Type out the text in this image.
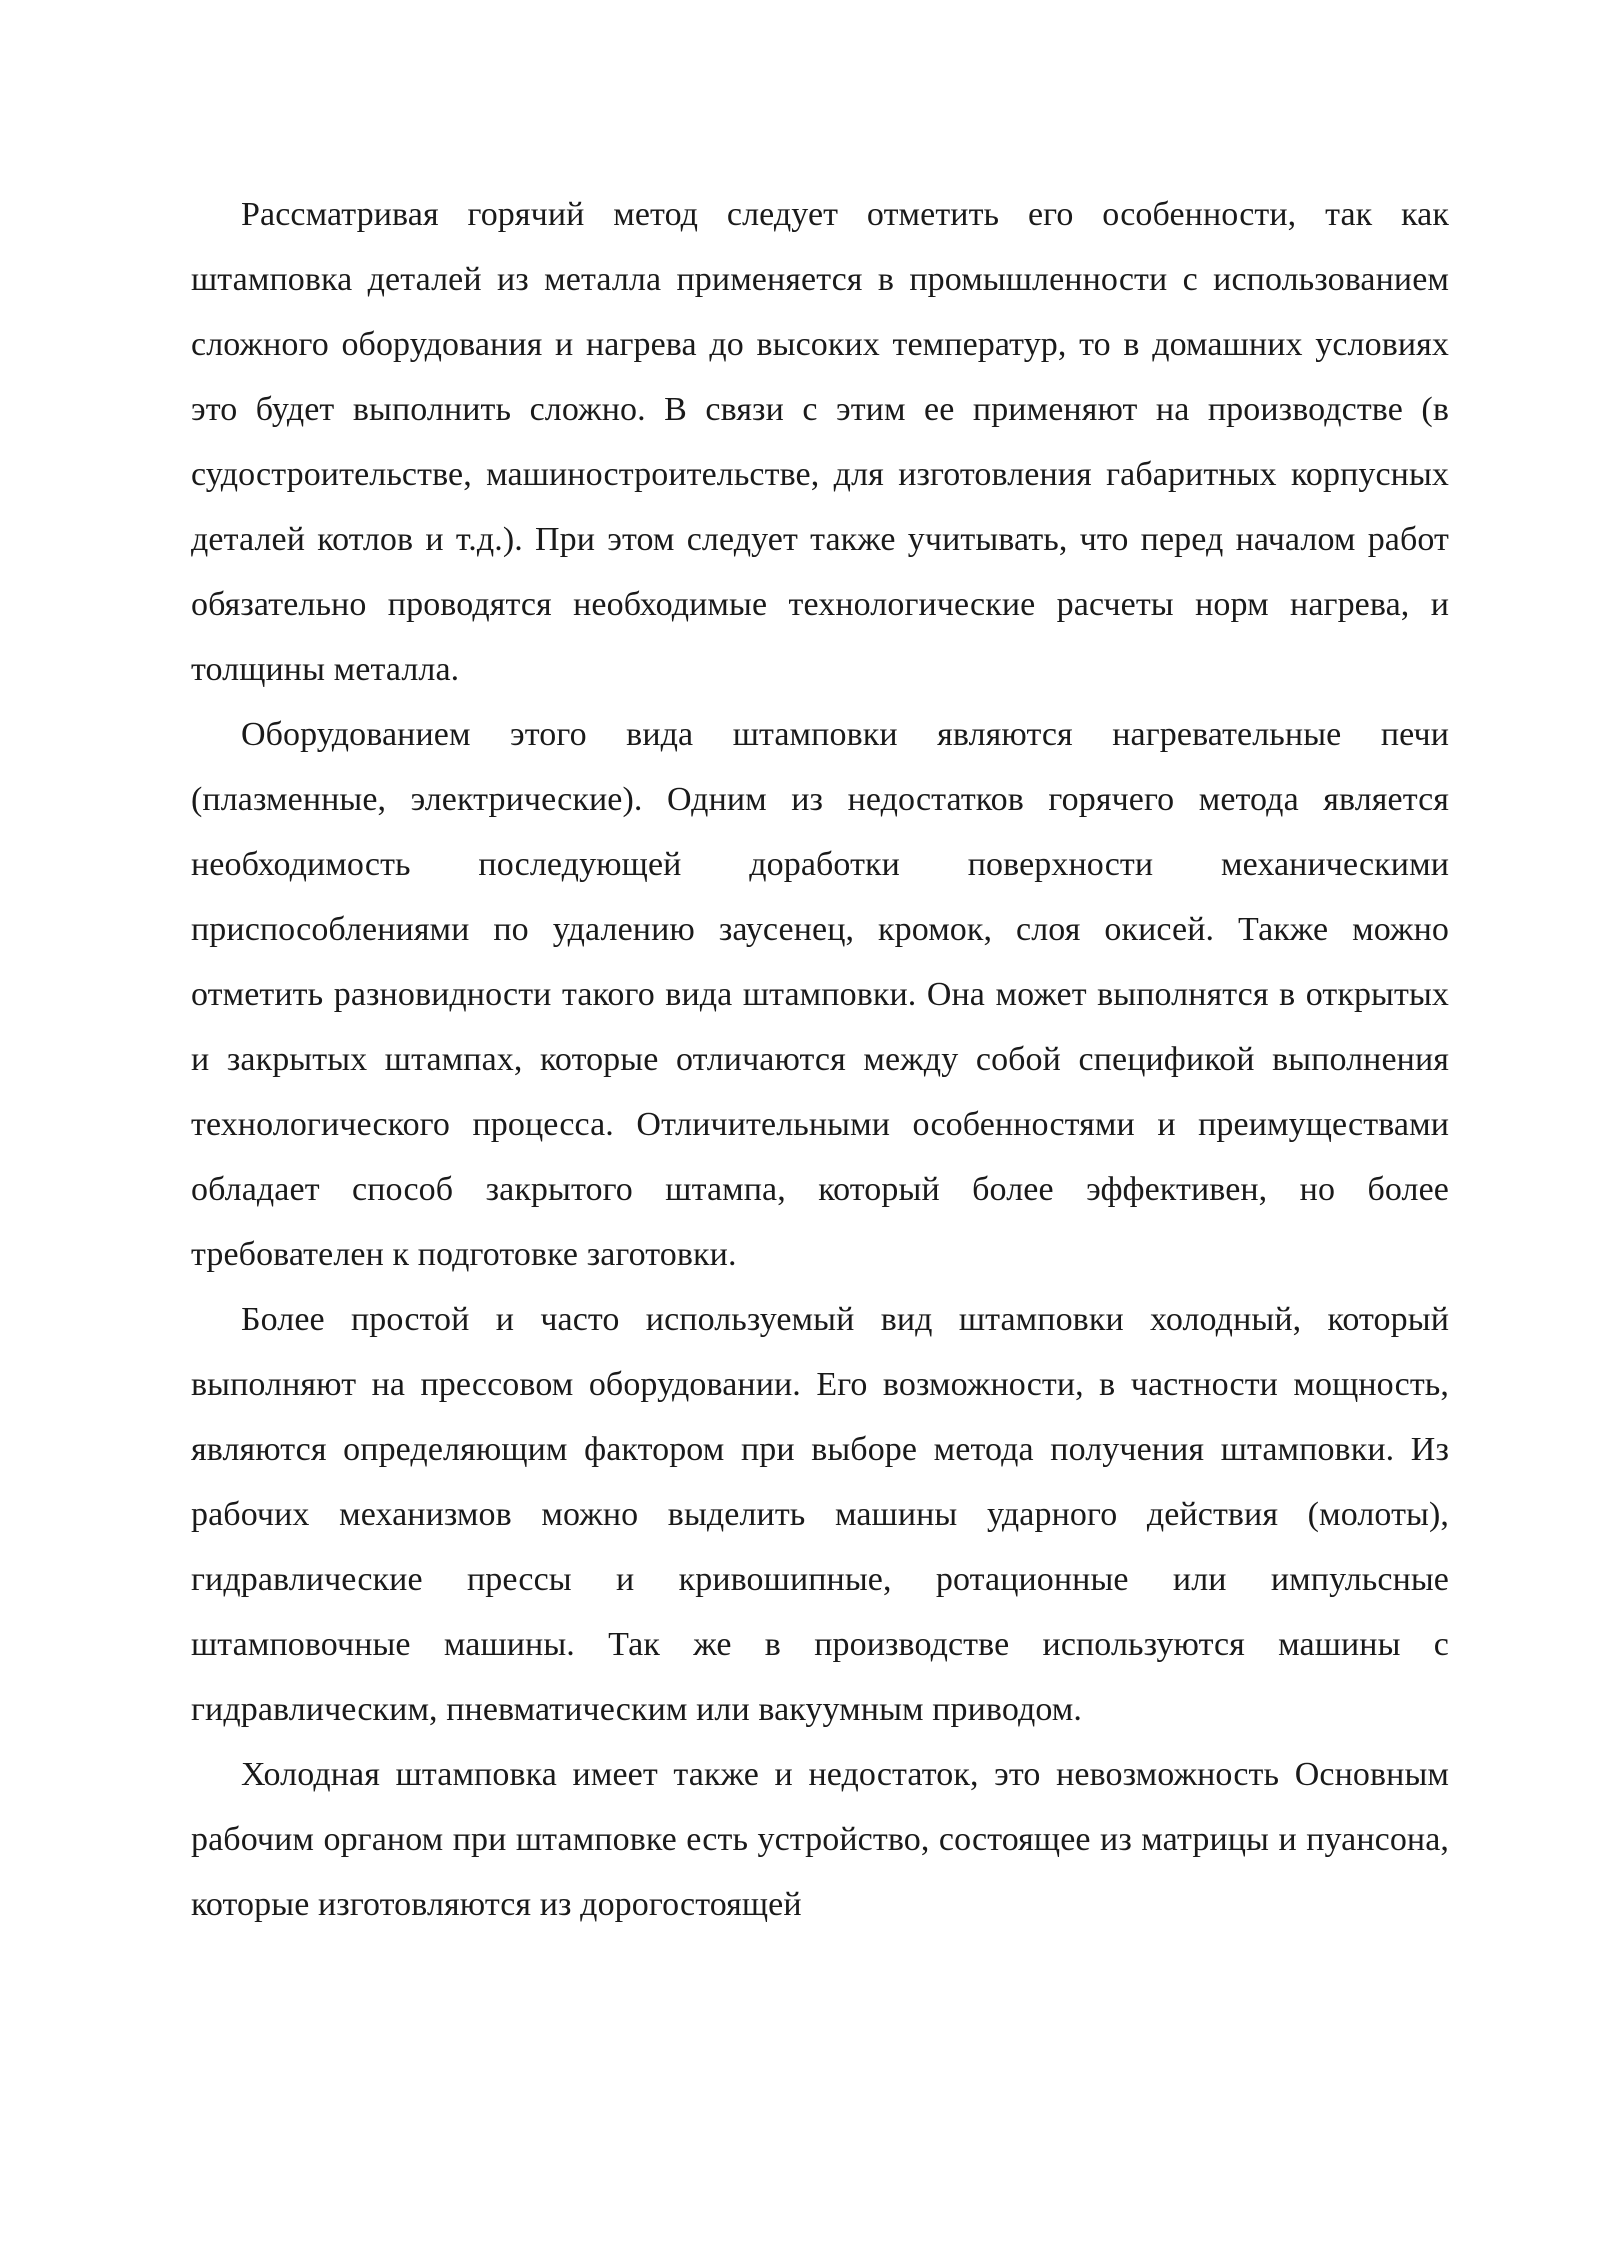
Рассматривая горячий метод следует отметить его особенности, так как штамповка деталей из металла применяется в промышленности с использованием сложного оборудования и нагрева до высоких температур, то в домашних условиях это будет выполнить сложно. В связи с этим ее применяют на производстве (в судостроительстве, машиностроительстве, для изготовления габаритных корпусных деталей котлов и т.д.). При этом следует также учитывать, что перед началом работ обязательно проводятся необходимые технологические расчеты норм нагрева, и толщины металла.

Оборудованием этого вида штамповки являются нагревательные печи (плазменные, электрические). Одним из недостатков горячего метода является необходимость последующей доработки поверхности механическими приспособлениями по удалению заусенец, кромок, слоя окисей. Также можно отметить разновидности такого вида штамповки. Она может выполнятся в открытых и закрытых штампах, которые отличаются между собой спецификой выполнения технологического процесса. Отличительными особенностями и преимуществами обладает способ закрытого штампа, который более эффективен, но более требователен к подготовке заготовки.

Более простой и часто используемый вид штамповки холодный, который выполняют на прессовом оборудовании. Его возможности, в частности мощность, являются определяющим фактором при выборе метода получения штамповки. Из рабочих механизмов можно выделить машины ударного действия (молоты), гидравлические прессы и кривошипные, ротационные или импульсные штамповочные машины. Так же в производстве используются машины с гидравлическим, пневматическим или вакуумным приводом.

Холодная штамповка имеет также и недостаток, это невозможность Основным рабочим органом при штамповке есть устройство, состоящее из матрицы и пуансона, которые изготовляются из дорогостоящей
